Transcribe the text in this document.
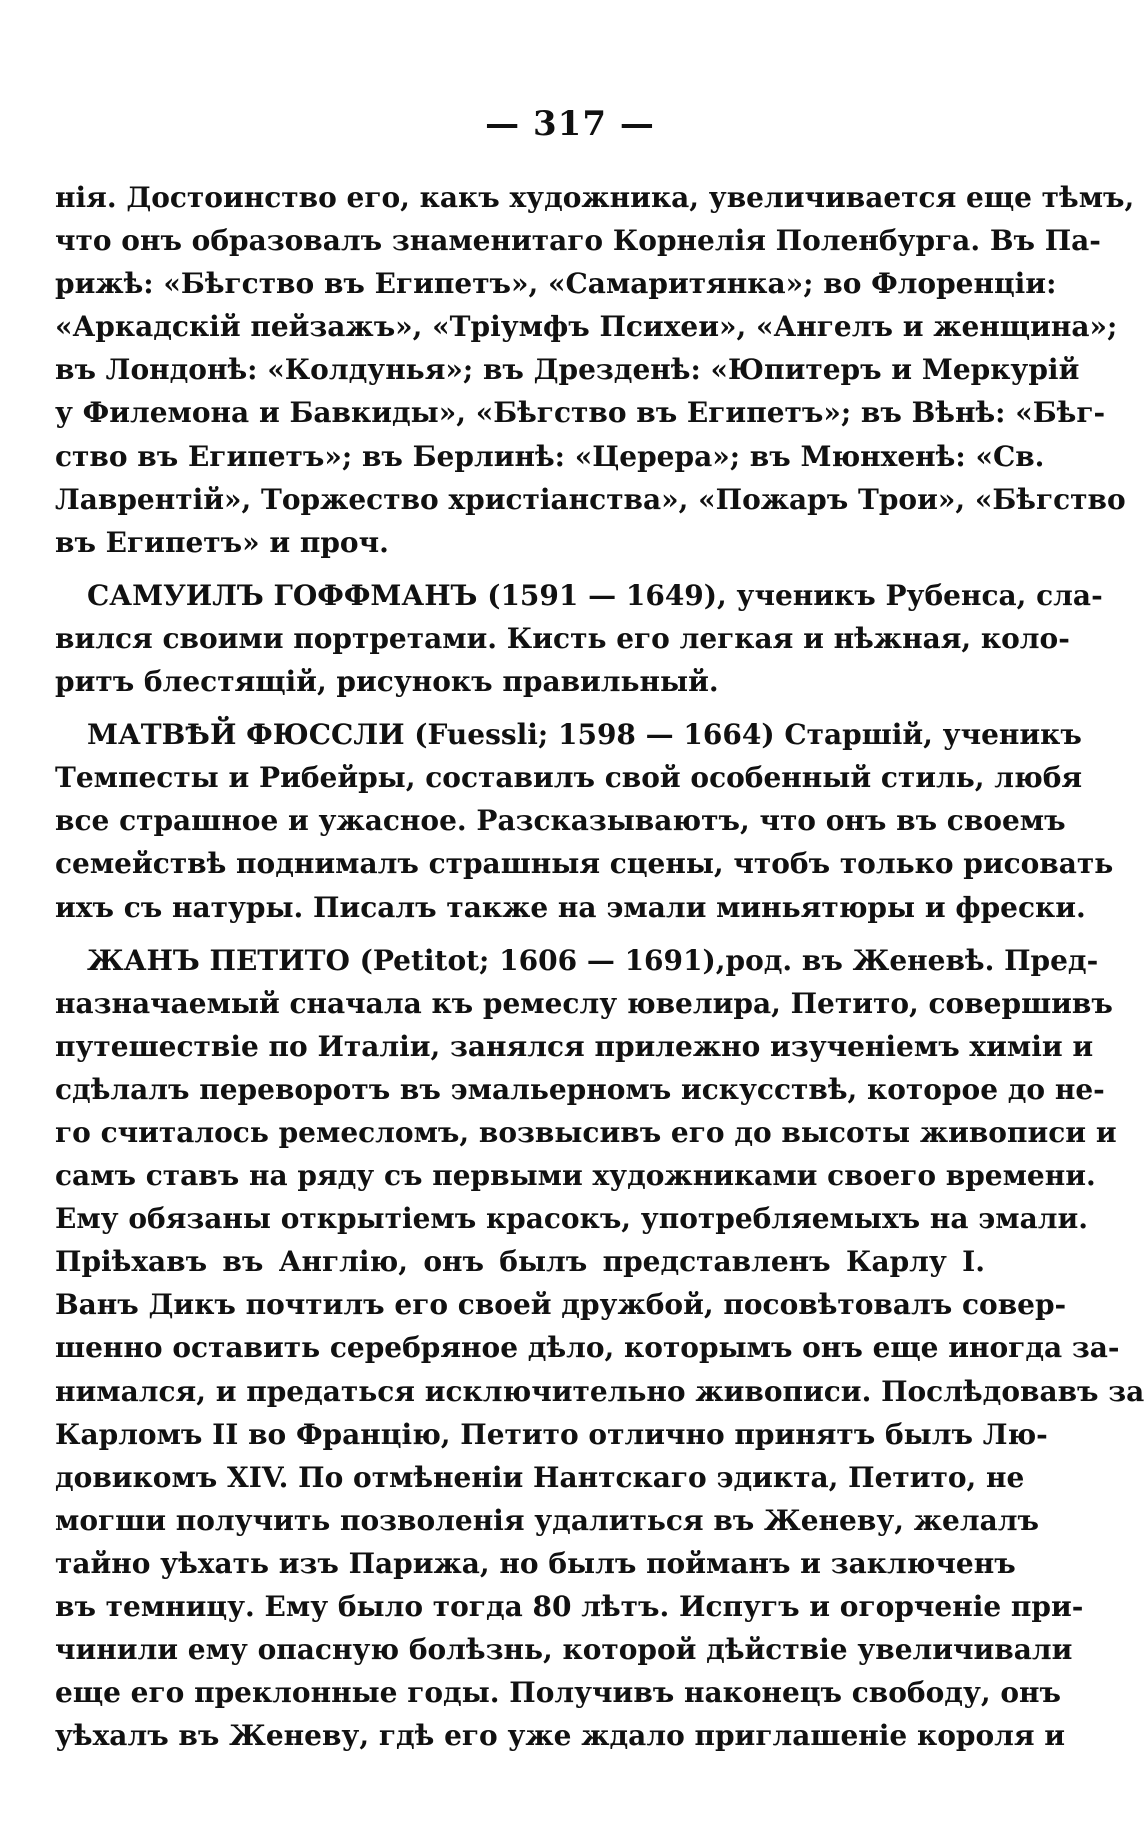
— 317 —
нія. Достоинство его, какъ художника, увеличивается еще тѣмъ,
что онъ образовалъ знаменитаго Корнелія Поленбурга. Въ Па-
рижѣ: «Бѣгство въ Египетъ», «Самаритянка»; во Флоренціи:
«Аркадскій пейзажъ», «Тріумфъ Психеи», «Ангелъ и женщина»;
въ Лондонѣ: «Колдунья»; въ Дрезденѣ: «Юпитеръ и Меркурій
у Филемона и Бавкиды», «Бѣгство въ Египетъ»; въ Вѣнѣ: «Бѣг-
ство въ Египетъ»; въ Берлинѣ: «Церера»; въ Мюнхенѣ: «Св.
Лаврентій», Торжество христіанства», «Пожаръ Трои», «Бѣгство
въ Египетъ» и проч.
САМУИЛЪ ГОФФМАНЪ (1591 — 1649), ученикъ Рубенса, сла-
вился своими портретами. Кисть его легкая и нѣжная, коло-
ритъ блестящій, рисунокъ правильный.
МАТВѢЙ ФЮССЛИ (Fuessli; 1598 — 1664) Старшій, ученикъ
Темпесты и Рибейры, составилъ свой особенный стиль, любя
все страшное и ужасное. Разсказываютъ, что онъ въ своемъ
семействѣ поднималъ страшныя сцены, чтобъ только рисовать
ихъ съ натуры. Писалъ также на эмали миньятюры и фрески.
ЖАНЪ ПЕТИТО (Petitot; 1606 — 1691),род. въ Женевѣ. Пред-
назначаемый сначала къ ремеслу ювелира, Петито, совершивъ
путешествіе по Италіи, занялся прилежно изученіемъ химіи и
сдѣлалъ переворотъ въ эмальерномъ искусствѣ, которое до не-
го считалось ремесломъ, возвысивъ его до высоты живописи и
самъ ставъ на ряду съ первыми художниками своего времени.
Ему обязаны открытіемъ красокъ, употребляемыхъ на эмали.
Пріѣхавъ въ Англію, онъ былъ представленъ Карлу I.
Ванъ Дикъ почтилъ его своей дружбой, посовѣтовалъ совер-
шенно оставить серебряное дѣло, которымъ онъ еще иногда за-
нимался, и предаться исключительно живописи. Послѣдовавъ за
Карломъ II во Францію, Петито отлично принятъ былъ Лю-
довикомъ XIV. По отмѣненіи Нантскаго эдикта, Петито, не
могши получить позволенія удалиться въ Женеву, желалъ
тайно уѣхать изъ Парижа, но былъ пойманъ и заключенъ
въ темницу. Ему было тогда 80 лѣтъ. Испугъ и огорченіе при-
чинили ему опасную болѣзнь, которой дѣйствіе увеличивали
еще его преклонные годы. Получивъ наконецъ свободу, онъ
уѣхалъ въ Женеву, гдѣ его уже ждало приглашеніе короля и
